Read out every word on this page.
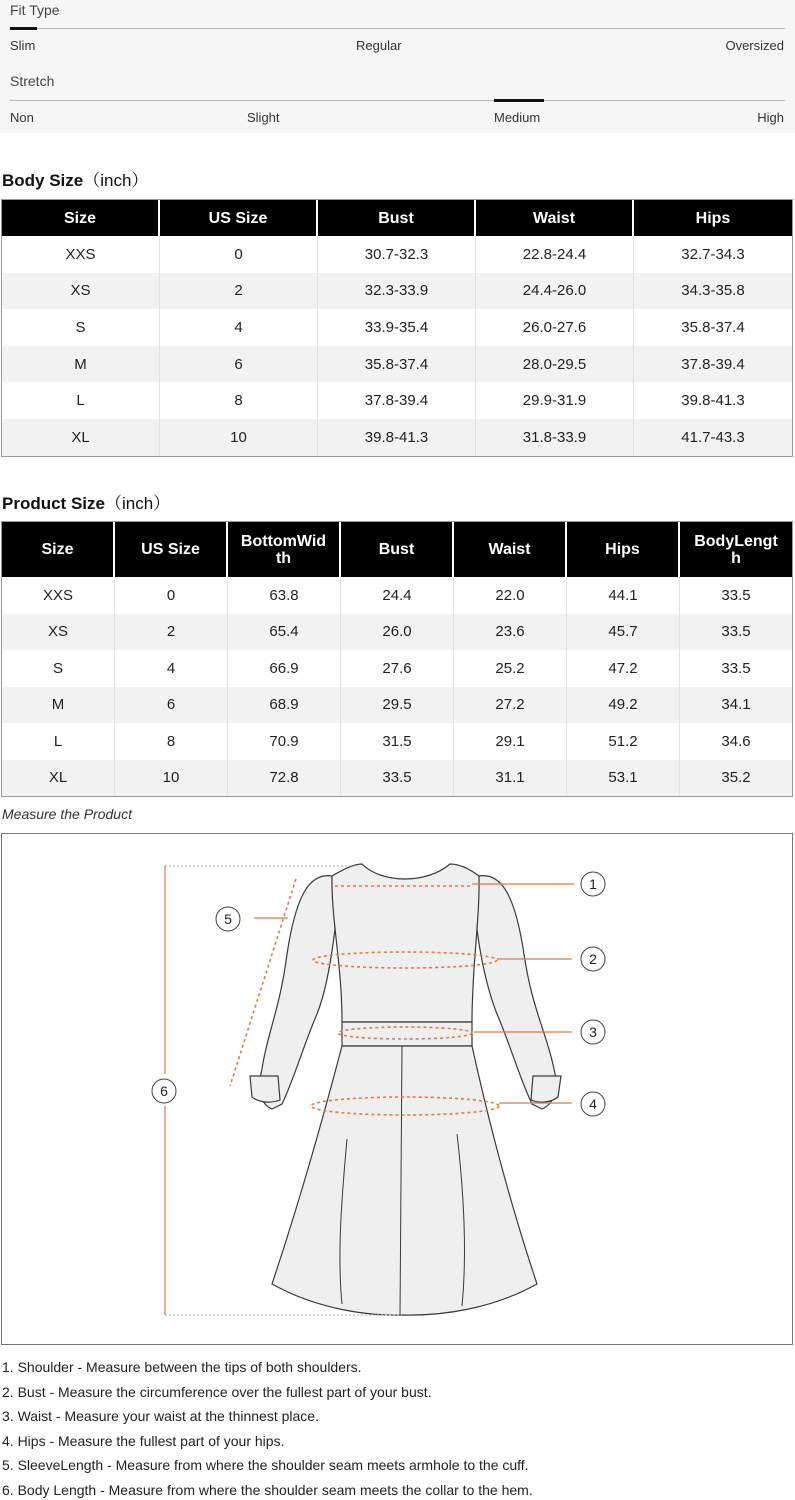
Fit Type
Slim	Regular	Oversized
Stretch
Non	Slight	Medium	High
Body Size（inch）
Size	US Size	Bust	Waist	Hips
XXS	0	30.7-32.3	22.8-24.4	32.7-34.3
XS	2	32.3-33.9	24.4-26.0	34.3-35.8
S	4	33.9-35.4	26.0-27.6	35.8-37.4
M	6	35.8-37.4	28.0-29.5	37.8-39.4
L	8	37.8-39.4	29.9-31.9	39.8-41.3
XL	10	39.8-41.3	31.8-33.9	41.7-43.3
Product Size（inch）
Size	US Size	BottomWidth	Bust	Waist	Hips	BodyLength
XXS	0	63.8	24.4	22.0	44.1	33.5
XS	2	65.4	26.0	23.6	45.7	33.5
S	4	66.9	27.6	25.2	47.2	33.5
M	6	68.9	29.5	27.2	49.2	34.1
L	8	70.9	31.5	29.1	51.2	34.6
XL	10	72.8	33.5	31.1	53.1	35.2
Measure the Product
1
2
3
4
5
6
1. Shoulder - Measure between the tips of both shoulders.
2. Bust - Measure the circumference over the fullest part of your bust.
3. Waist - Measure your waist at the thinnest place.
4. Hips - Measure the fullest part of your hips.
5. SleeveLength - Measure from where the shoulder seam meets armhole to the cuff.
6. Body Length - Measure from where the shoulder seam meets the collar to the hem.
